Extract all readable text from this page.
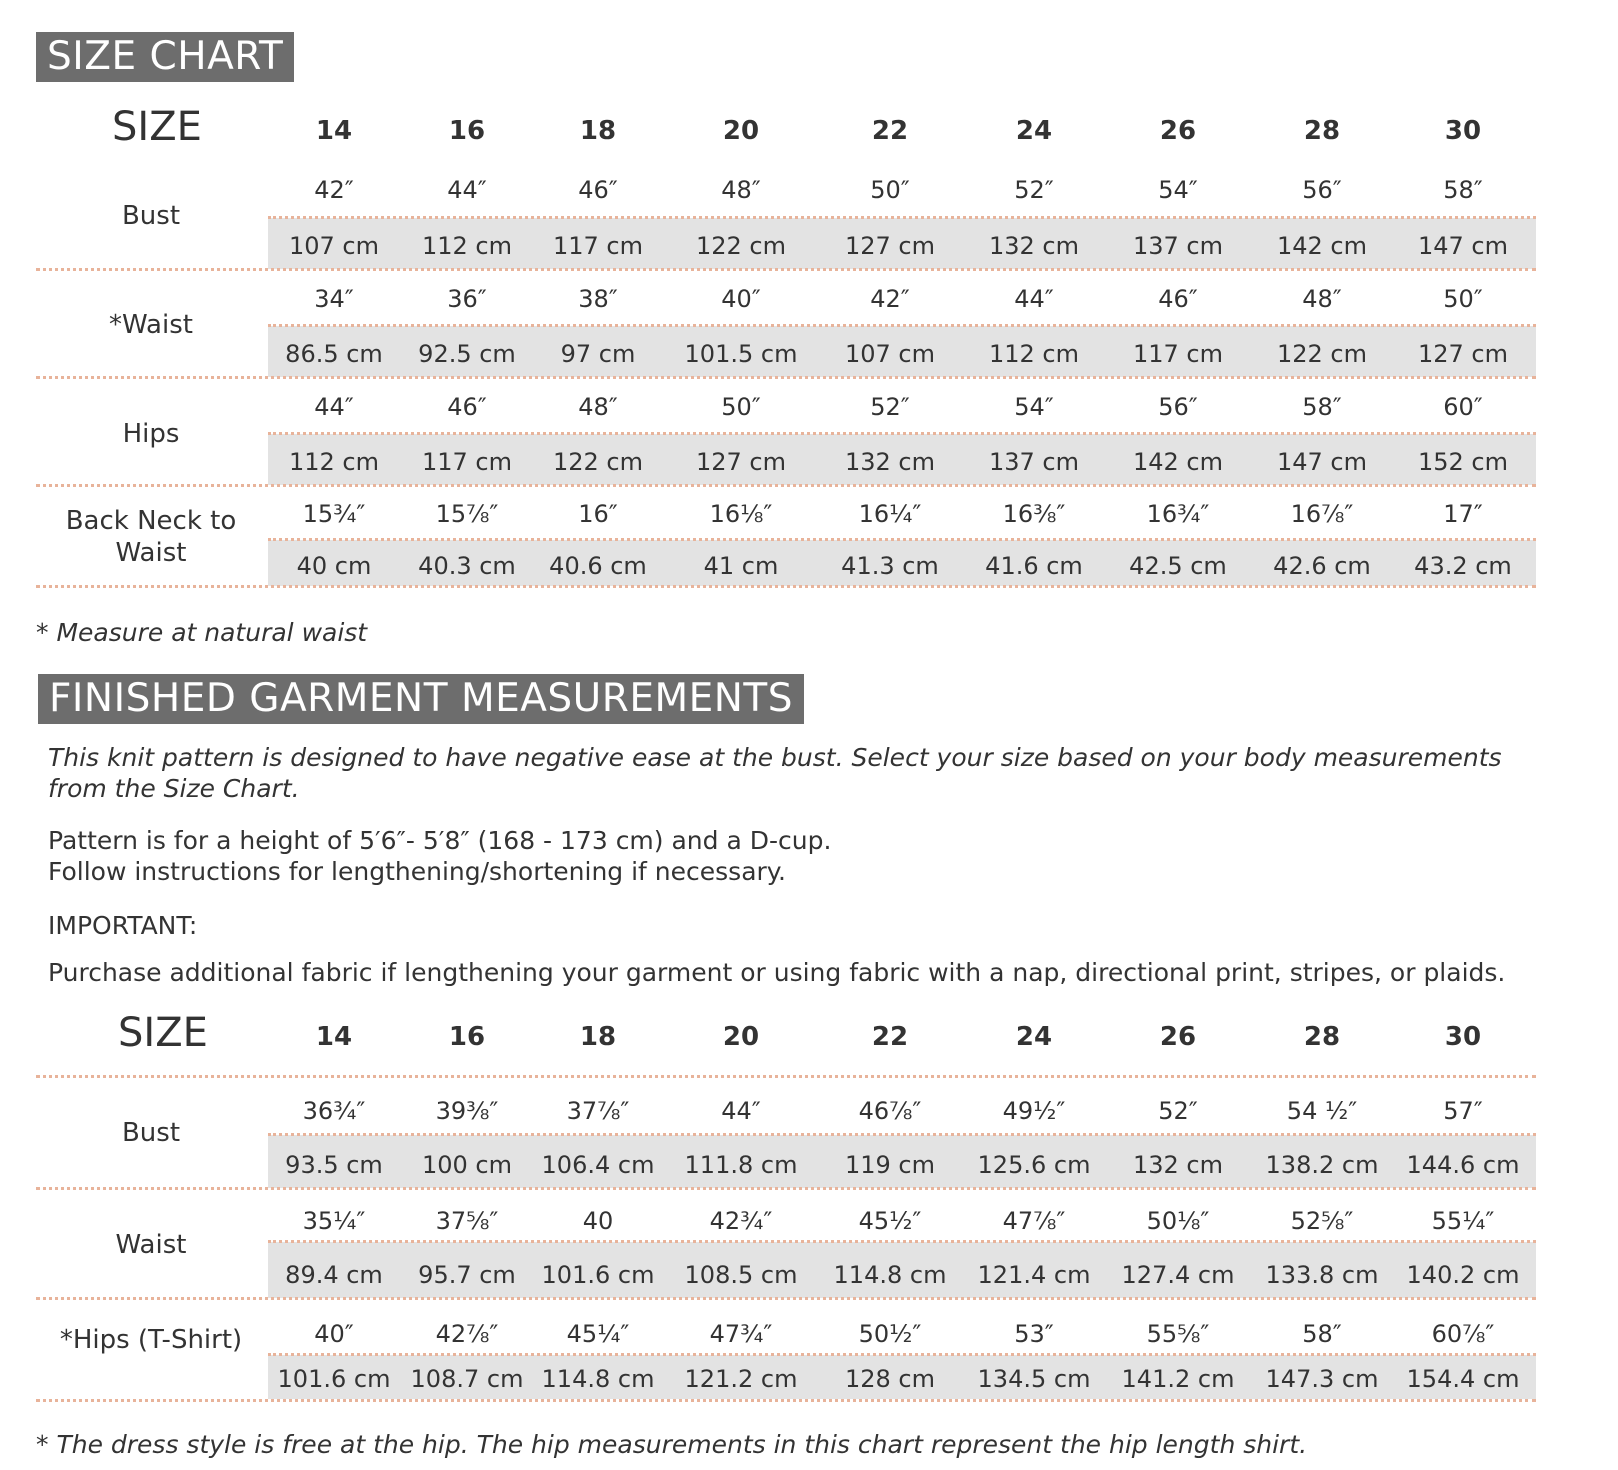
SIZE CHART
SIZE	14	16	18	20	22	24	26	28	30
Bust
42″	44″	46″	48″	50″	52″	54″	56″	58″
107 cm	112 cm	117 cm	122 cm	127 cm	132 cm	137 cm	142 cm	147 cm
*Waist
34″	36″	38″	40″	42″	44″	46″	48″	50″
86.5 cm	92.5 cm	97 cm	101.5 cm	107 cm	112 cm	117 cm	122 cm	127 cm
Hips
44″	46″	48″	50″	52″	54″	56″	58″	60″
112 cm	117 cm	122 cm	127 cm	132 cm	137 cm	142 cm	147 cm	152 cm
Back Neck to Waist
15¾″	15⅞″	16″	16⅛″	16¼″	16⅜″	16¾″	16⅞″	17″
40 cm	40.3 cm	40.6 cm	41 cm	41.3 cm	41.6 cm	42.5 cm	42.6 cm	43.2 cm
* Measure at natural waist
FINISHED GARMENT MEASUREMENTS
This knit pattern is designed to have negative ease at the bust. Select your size based on your body measurements from the Size Chart.
Pattern is for a height of 5′6″- 5′8″ (168 - 173 cm) and a D-cup.
Follow instructions for lengthening/shortening if necessary.
IMPORTANT:
Purchase additional fabric if lengthening your garment or using fabric with a nap, directional print, stripes, or plaids.
SIZE	14	16	18	20	22	24	26	28	30
Bust
36¾″	39⅜″	37⅞″	44″	46⅞″	49½″	52″	54 ½″	57″
93.5 cm	100 cm	106.4 cm	111.8 cm	119 cm	125.6 cm	132 cm	138.2 cm	144.6 cm
Waist
35¼″	37⅝″	40	42¾″	45½″	47⅞″	50⅛″	52⅝″	55¼″
89.4 cm	95.7 cm	101.6 cm	108.5 cm	114.8 cm	121.4 cm	127.4 cm	133.8 cm	140.2 cm
*Hips (T-Shirt)	40″	42⅞″	45¼″	47¾″	50½″	53″	55⅝″	58″	60⅞″
101.6 cm 108.7 cm 114.8 cm	121.2 cm	128 cm	134.5 cm	141.2 cm	147.3 cm	154.4 cm
* The dress style is free at the hip. The hip measurements in this chart represent the hip length shirt.
